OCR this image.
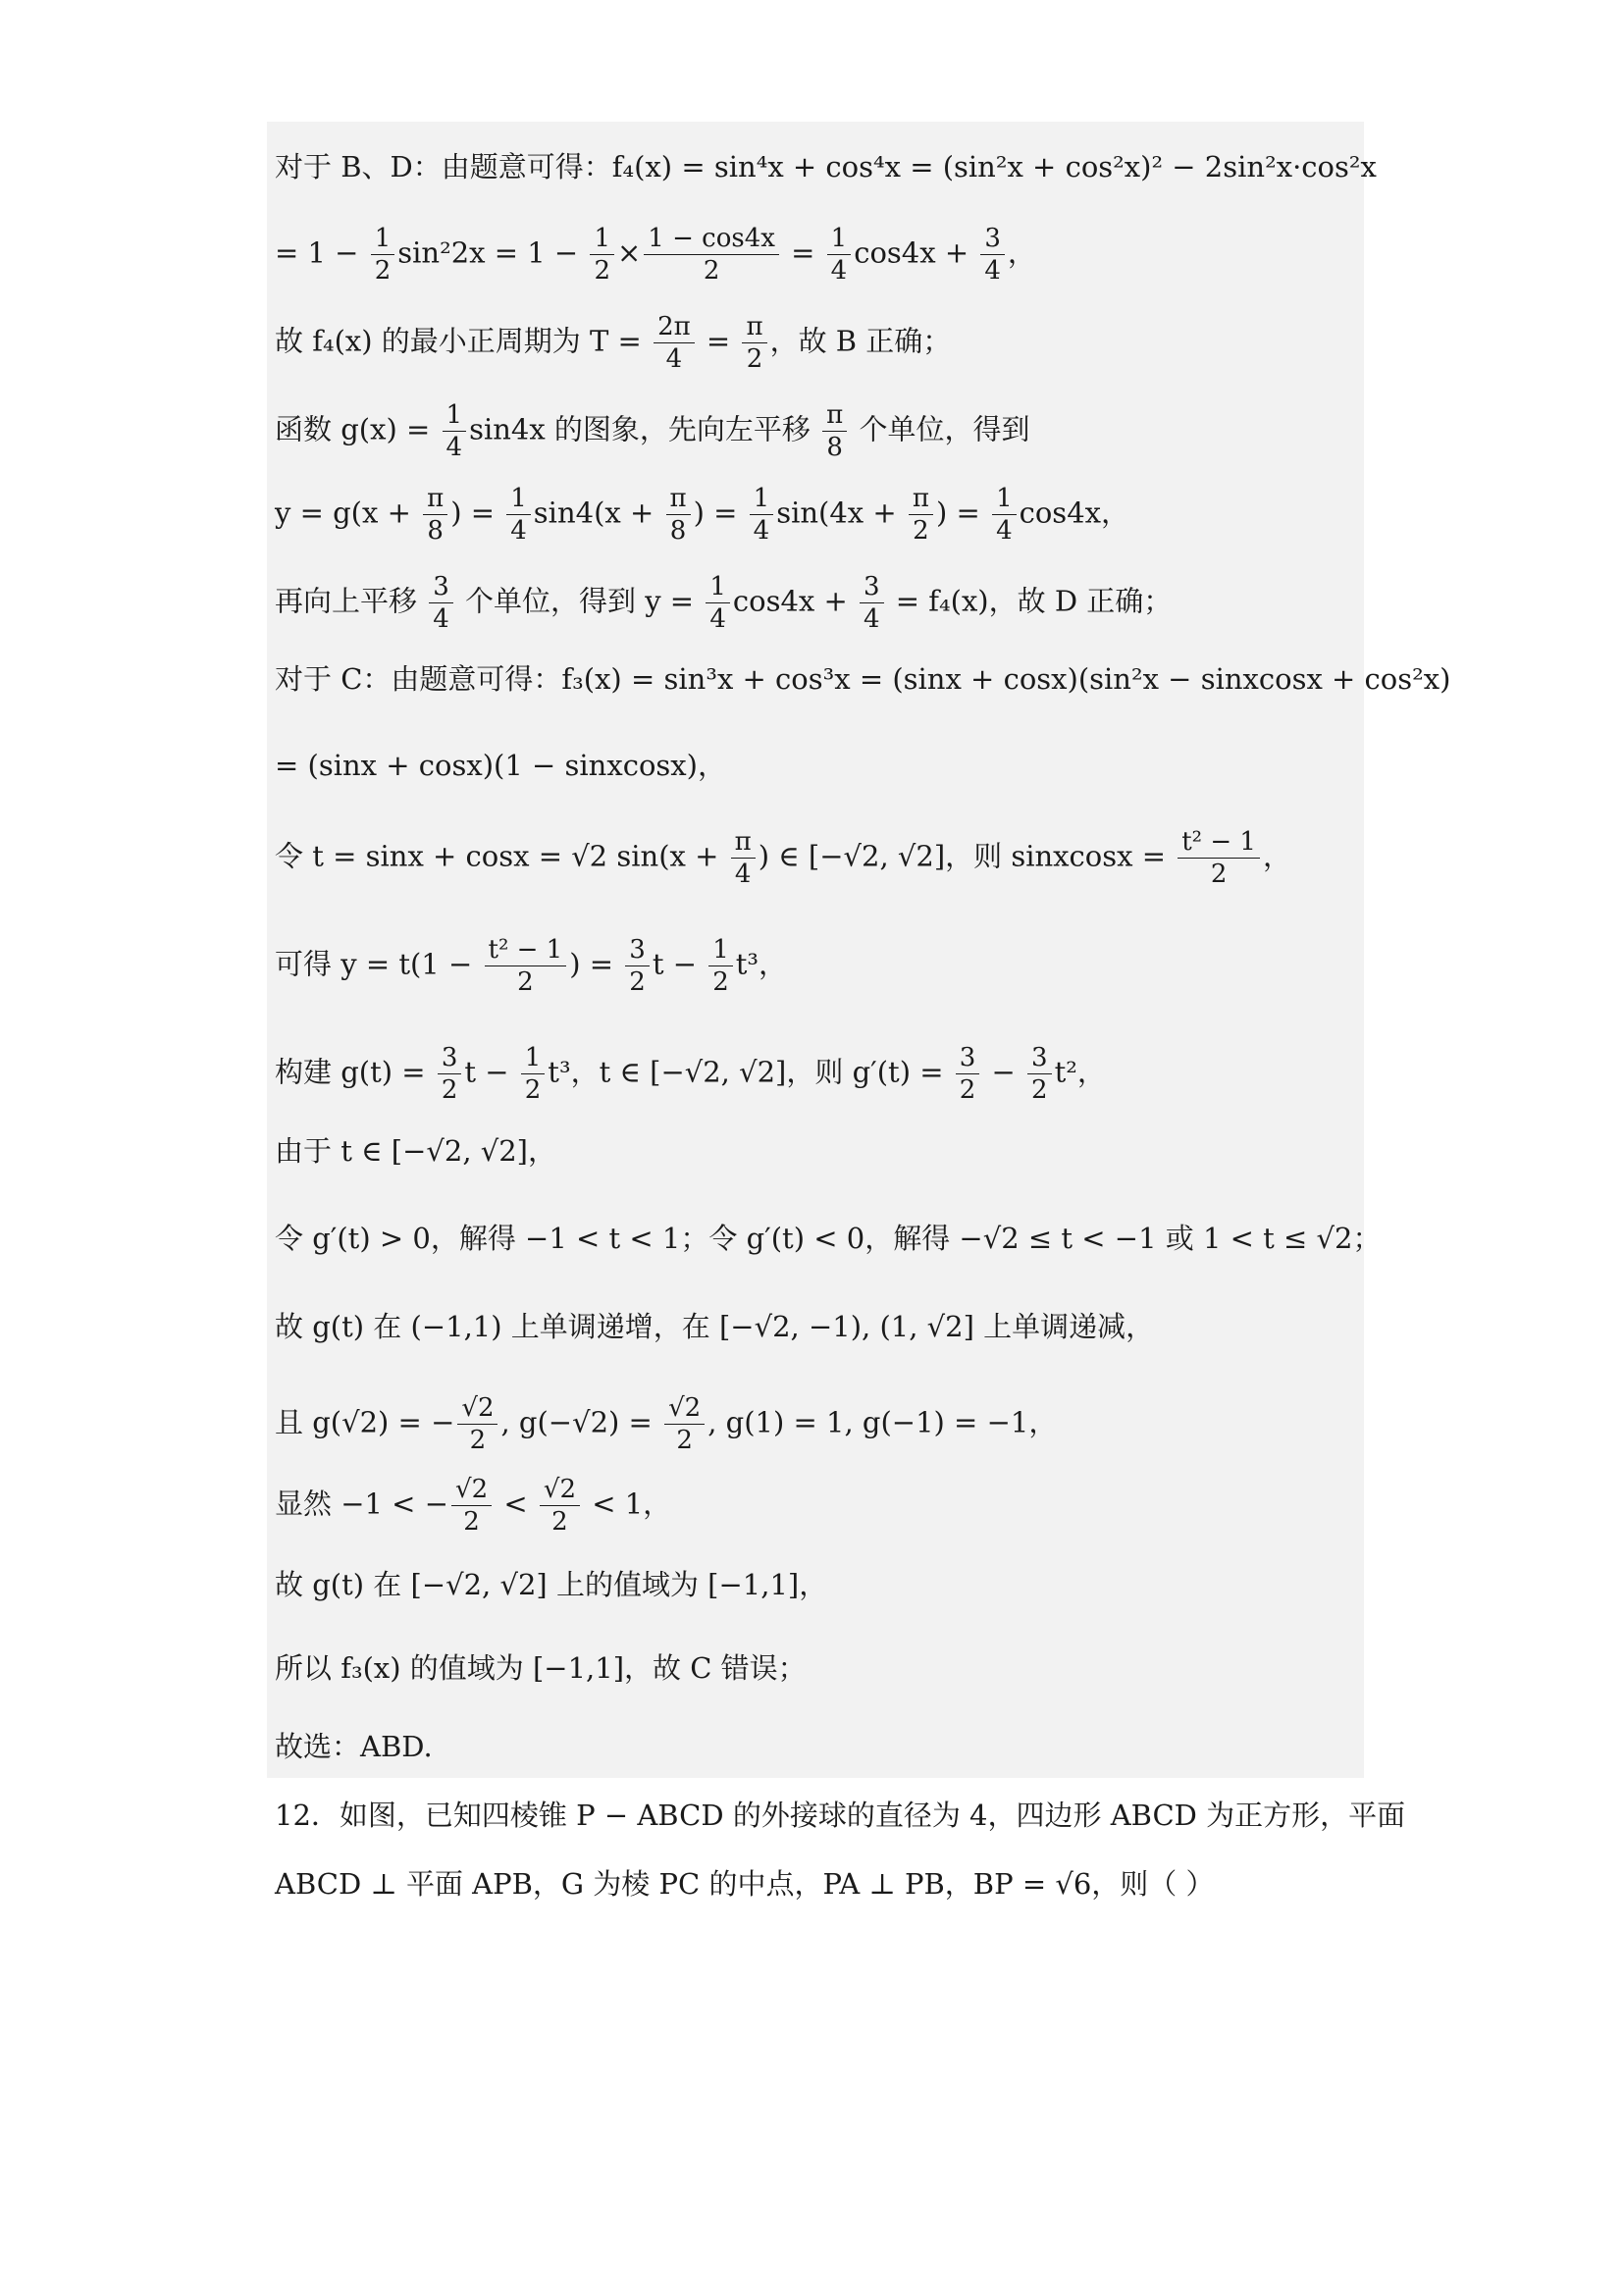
对于 B、D：由题意可得：f₄(x) = sin⁴x + cos⁴x = (sin²x + cos²x)² − 2sin²x·cos²x
= $1 - \frac{1}{2} \sin^22x = 1 - \frac{1}{2} \times \frac{1 - \cos 4x}{2} = \frac{1}{4} \cos 4x + \frac{3}{4}$ ，
故 f₄(x) 的最小正周期为 $T = \frac{2\pi}{4} = \frac{\pi}{2}$ ，故 B 正确；
函数 $g(x) = \frac{1}{4} \sin 4x$ 的图象，先向左平移 $\frac{\pi}{8}$ 个单位，得到
$y = g(x + \frac{\pi}{8}$ ) = $\frac{1}{4} \sin 4(x + \frac{\pi}{8}$ ) = $\frac{1}{4} \sin(4x + \frac{\pi}{2}$ ) = $\frac{1}{4} \cos 4x$，
再向上平移 $\frac{3}{4}$ 个单位，得到 $y = \frac{1}{4} \cos 4x + \frac{3}{4} = f_4(x)$，故 D 正确；
对于 C：由题意可得：f₃(x) = sin³x + cos³x = (sinx + cosx)(sin²x − sinxcosx + cos²x)
= (sinx + cosx)(1 − sinxcosx)，
令 t = sinx + cosx = √2 $\sin(x + \frac{\pi}{4}$ ) ∈ [−√2, √2]，则 sinxcosx = $\frac{\text{t² − 1}}{2}$ ，
可得 $y = t(1 - \frac{\text{t² − 1}}{2}$ ) = $\frac{3}{2}$ $t - \frac{1}{2} t^3$，
构建 $g(t) = \frac{3}{2}$ $t - \frac{1}{2} t^3$，t ∈ [−√2, √2]，则 $g'(t) = \frac{3}{2} - \frac{3}{2} t^2$，
由于 t ∈ [−√2, √2]，
令 g′(t) > 0，解得 −1 < t < 1；令 g′(t) < 0，解得 −√2 ≤ t < −1 或 1 < t ≤ √2；
故 g(t) 在 (−1,1) 上单调递增，在 [−√2, −1), (1, √2] 上单调递减，
且 g(√2) = − $\frac{√2}{2}$ , $g(-√2) = \frac{√2}{2}$ , g(1) = 1, g(−1) = −1，
显然 −1 < − $\frac{√2}{2} < \frac{√2}{2} < 1$，
故 g(t) 在 [−√2, √2] 上的值域为 [−1,1]，
所以 f₃(x) 的值域为 [−1,1]，故 C 错误；
故选：ABD.
12．如图，已知四棱锥 P − ABCD 的外接球的直径为 4，四边形 ABCD 为正方形，平面
ABCD ⊥ 平面 APB，G 为棱 PC 的中点，PA ⊥ PB，BP = √6，则（ ）
